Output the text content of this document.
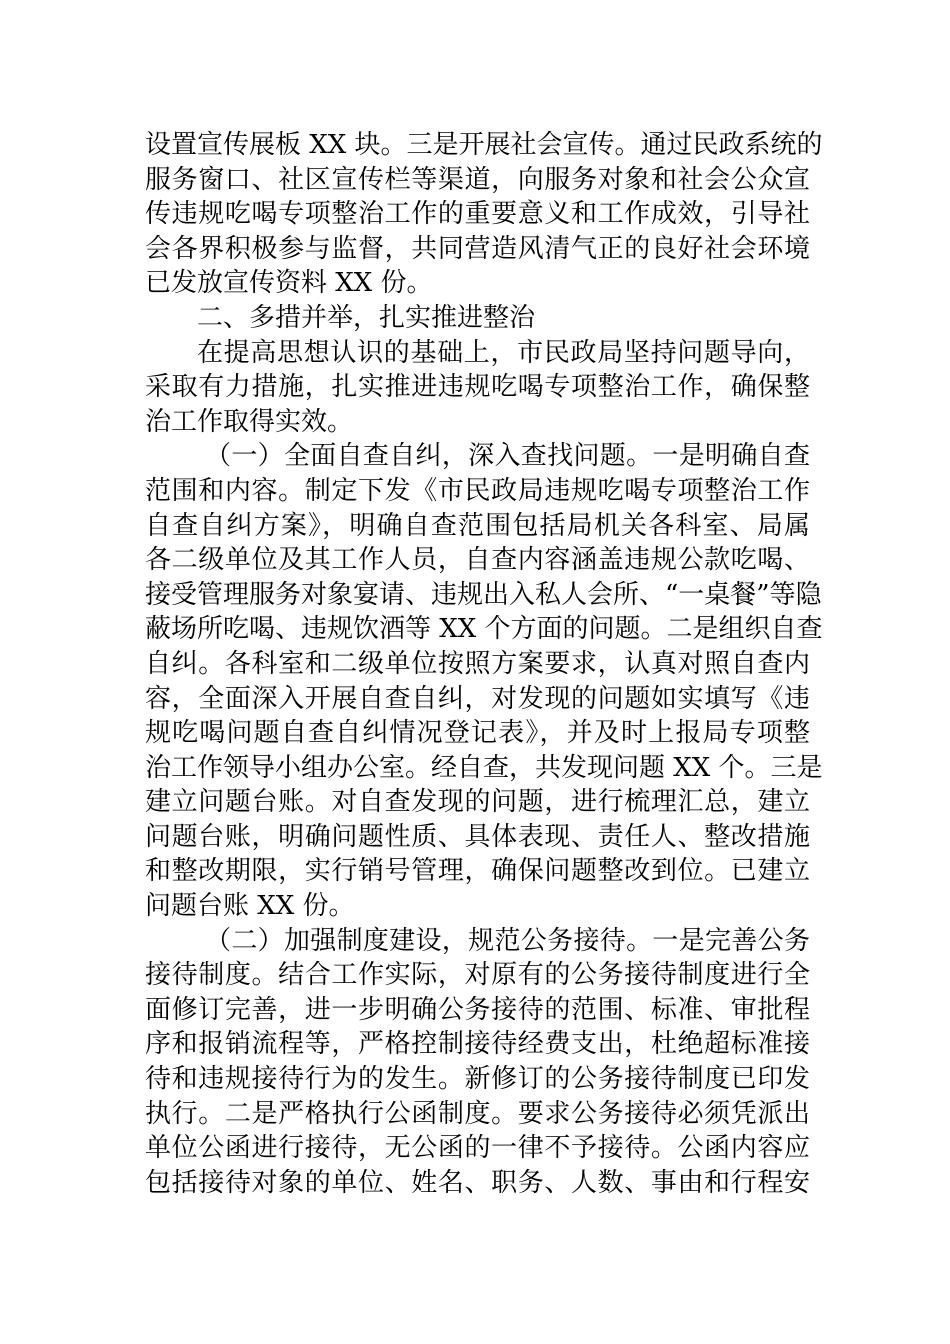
设置宣传展板 XX 块。三是开展社会宣传。通过民政系统的
服务窗口、社区宣传栏等渠道，向服务对象和社会公众宣
传违规吃喝专项整治工作的重要意义和工作成效，引导社
会各界积极参与监督，共同营造风清气正的良好社会环境
已发放宣传资料 XX 份。
二、多措并举，扎实推进整治
在提高思想认识的基础上，市民政局坚持问题导向，
采取有力措施，扎实推进违规吃喝专项整治工作，确保整
治工作取得实效。
（一）全面自查自纠，深入查找问题。一是明确自查
范围和内容。制定下发《市民政局违规吃喝专项整治工作
自查自纠方案》，明确自查范围包括局机关各科室、局属
各二级单位及其工作人员，自查内容涵盖违规公款吃喝、
接受管理服务对象宴请、违规出入私人会所、“一桌餐”等隐
蔽场所吃喝、违规饮酒等 XX 个方面的问题。二是组织自查
自纠。各科室和二级单位按照方案要求，认真对照自查内
容，全面深入开展自查自纠，对发现的问题如实填写《违
规吃喝问题自查自纠情况登记表》，并及时上报局专项整
治工作领导小组办公室。经自查，共发现问题 XX 个。三是
建立问题台账。对自查发现的问题，进行梳理汇总，建立
问题台账，明确问题性质、具体表现、责任人、整改措施
和整改期限，实行销号管理，确保问题整改到位。已建立
问题台账 XX 份。
（二）加强制度建设，规范公务接待。一是完善公务
接待制度。结合工作实际，对原有的公务接待制度进行全
面修订完善，进一步明确公务接待的范围、标准、审批程
序和报销流程等，严格控制接待经费支出，杜绝超标准接
待和违规接待行为的发生。新修订的公务接待制度已印发
执行。二是严格执行公函制度。要求公务接待必须凭派出
单位公函进行接待，无公函的一律不予接待。公函内容应
包括接待对象的单位、姓名、职务、人数、事由和行程安
